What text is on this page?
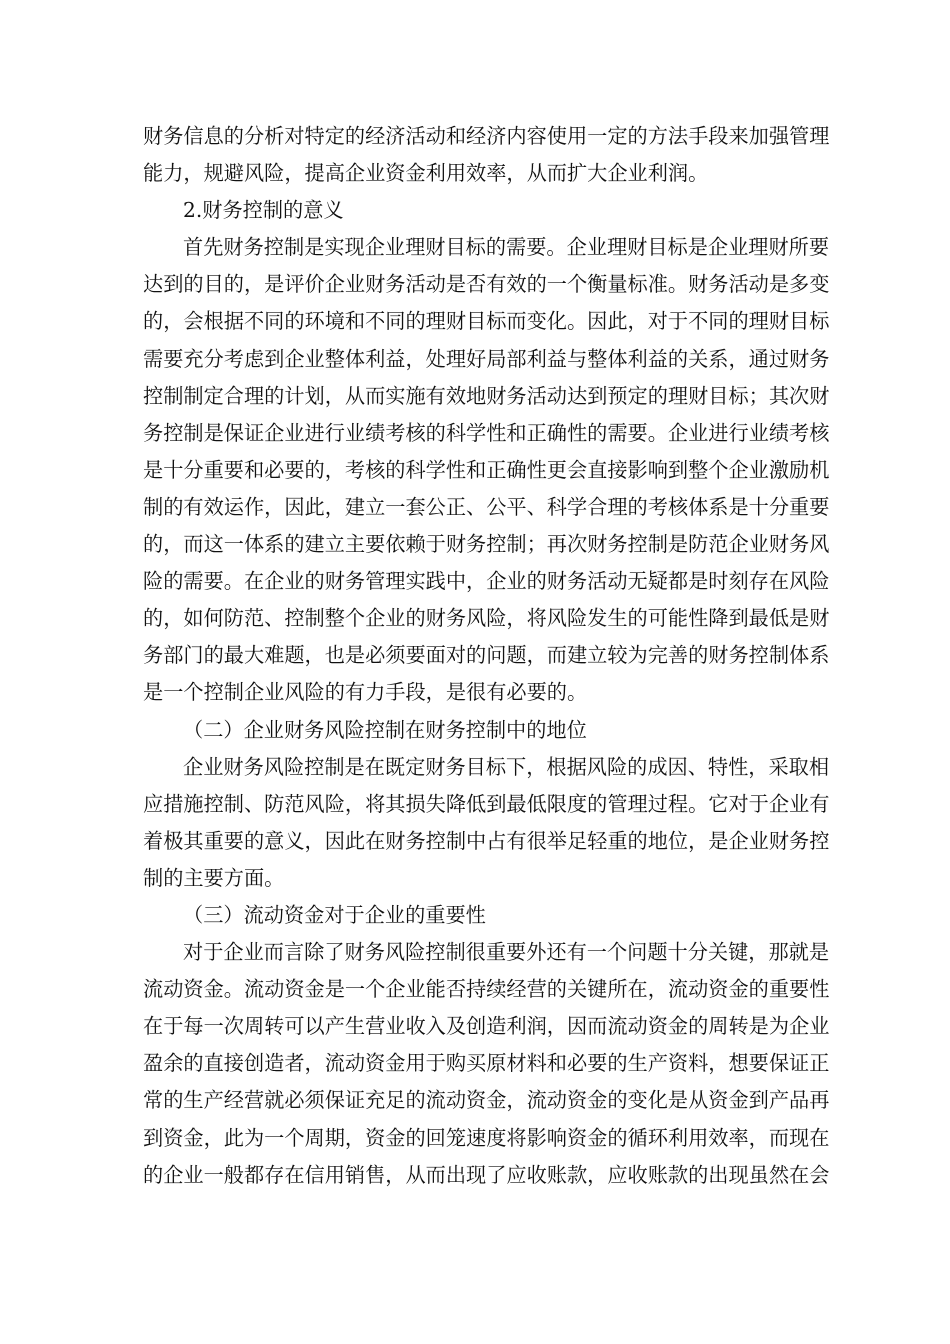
财务信息的分析对特定的经济活动和经济内容使用一定的方法手段来加强管理
能力，规避风险，提高企业资金利用效率，从而扩大企业利润。
2.财务控制的意义
首先财务控制是实现企业理财目标的需要。企业理财目标是企业理财所要
达到的目的，是评价企业财务活动是否有效的一个衡量标准。财务活动是多变
的，会根据不同的环境和不同的理财目标而变化。因此，对于不同的理财目标
需要充分考虑到企业整体利益，处理好局部利益与整体利益的关系，通过财务
控制制定合理的计划，从而实施有效地财务活动达到预定的理财目标；其次财
务控制是保证企业进行业绩考核的科学性和正确性的需要。企业进行业绩考核
是十分重要和必要的，考核的科学性和正确性更会直接影响到整个企业激励机
制的有效运作，因此，建立一套公正、公平、科学合理的考核体系是十分重要
的，而这一体系的建立主要依赖于财务控制；再次财务控制是防范企业财务风
险的需要。在企业的财务管理实践中，企业的财务活动无疑都是时刻存在风险
的，如何防范、控制整个企业的财务风险，将风险发生的可能性降到最低是财
务部门的最大难题，也是必须要面对的问题，而建立较为完善的财务控制体系
是一个控制企业风险的有力手段，是很有必要的。
（二）企业财务风险控制在财务控制中的地位
企业财务风险控制是在既定财务目标下，根据风险的成因、特性，采取相
应措施控制、防范风险，将其损失降低到最低限度的管理过程。它对于企业有
着极其重要的意义，因此在财务控制中占有很举足轻重的地位，是企业财务控
制的主要方面。
（三）流动资金对于企业的重要性
对于企业而言除了财务风险控制很重要外还有一个问题十分关键，那就是
流动资金。流动资金是一个企业能否持续经营的关键所在，流动资金的重要性
在于每一次周转可以产生营业收入及创造利润，因而流动资金的周转是为企业
盈余的直接创造者，流动资金用于购买原材料和必要的生产资料，想要保证正
常的生产经营就必须保证充足的流动资金，流动资金的变化是从资金到产品再
到资金，此为一个周期，资金的回笼速度将影响资金的循环利用效率，而现在
的企业一般都存在信用销售，从而出现了应收账款，应收账款的出现虽然在会
